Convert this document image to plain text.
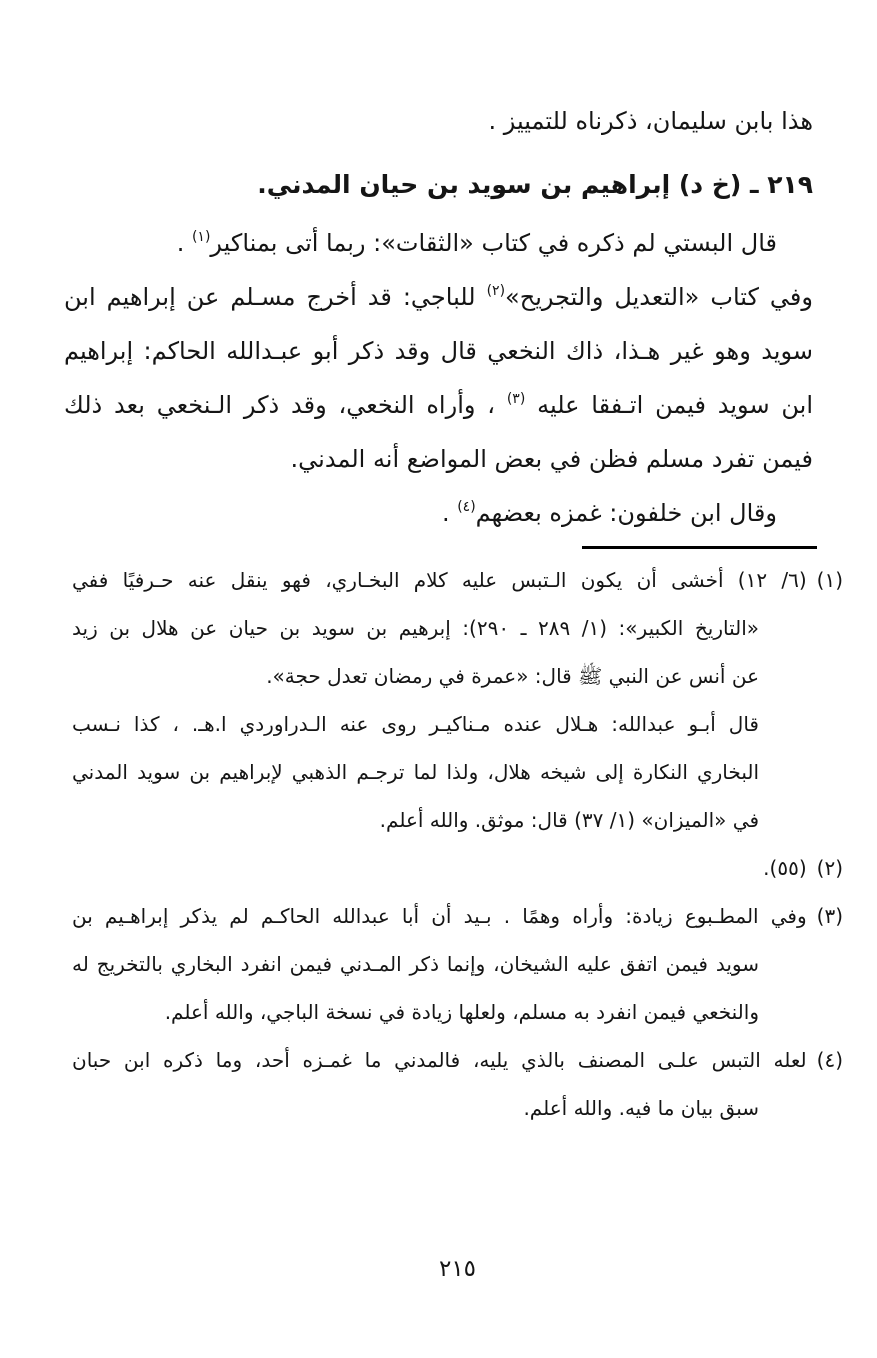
هذا بابن سليمان، ذكرناه للتمييز .
٢١٩ ـ (خ د) إبراهيم بن سويد بن حيان المدني.
قال البستي لم ذكره في كتاب «الثقات»: ربما أتى بمناكير$^{(١)}$ .
وفي كتاب «التعديل والتجريح»$^{(٢)}$ للباجي: قد أخرج مسـلم عن إبراهيم ابن
سويد وهو غير هـذا، ذاك النخعي قال وقد ذكر أبو عبـدالله الحاكم: إبراهيم
ابن سويد فيمن اتـفقا عليه $^{(٣)}$ ، وأراه النخعي، وقد ذكر الـنخعي بعد ذلك
فيمن تفرد مسلم فظن في بعض المواضع أنه المدني.
وقال ابن خلفون: غمزه بعضهم$^{(٤)}$ .
(١)(٦/ ١٢) أخشى أن يكون الـتبس عليه كلام البخـاري، فهو ينقل عنه حـرفيًا ففي
«التاريخ الكبير»: (١/ ٢٨٩ ـ ٢٩٠): إبرهيم بن سويد بن حيان عن هلال بن زيد
عن أنس عن النبي ﷺ قال: «عمرة في رمضان تعدل حجة».
قال أبـو عبدالله: هـلال عنده مـناكيـر روى عنه الـدراوردي ا.هـ. ، كذا نـسب
البخاري النكارة إلى شيخه هلال، ولذا لما ترجـم الذهبي لإبراهيم بن سويد المدني
في «الميزان» (١/ ٣٧) قال: موثق. والله أعلم.
(٢)(٥٥).
(٣)وفي المطـبوع زيادة: وأراه وهمًا . بـيد أن أبا عبدالله الحاكـم لم يذكر إبراهـيم بن
سويد فيمن اتفق عليه الشيخان، وإنما ذكر المـدني فيمن انفرد البخاري بالتخريج له
والنخعي فيمن انفرد به مسلم، ولعلها زيادة في نسخة الباجي، والله أعلم.
(٤)لعله التبس علـى المصنف بالذي يليه، فالمدني ما غمـزه أحد، وما ذكره ابن حبان
سبق بيان ما فيه. والله أعلم.
٢١٥
